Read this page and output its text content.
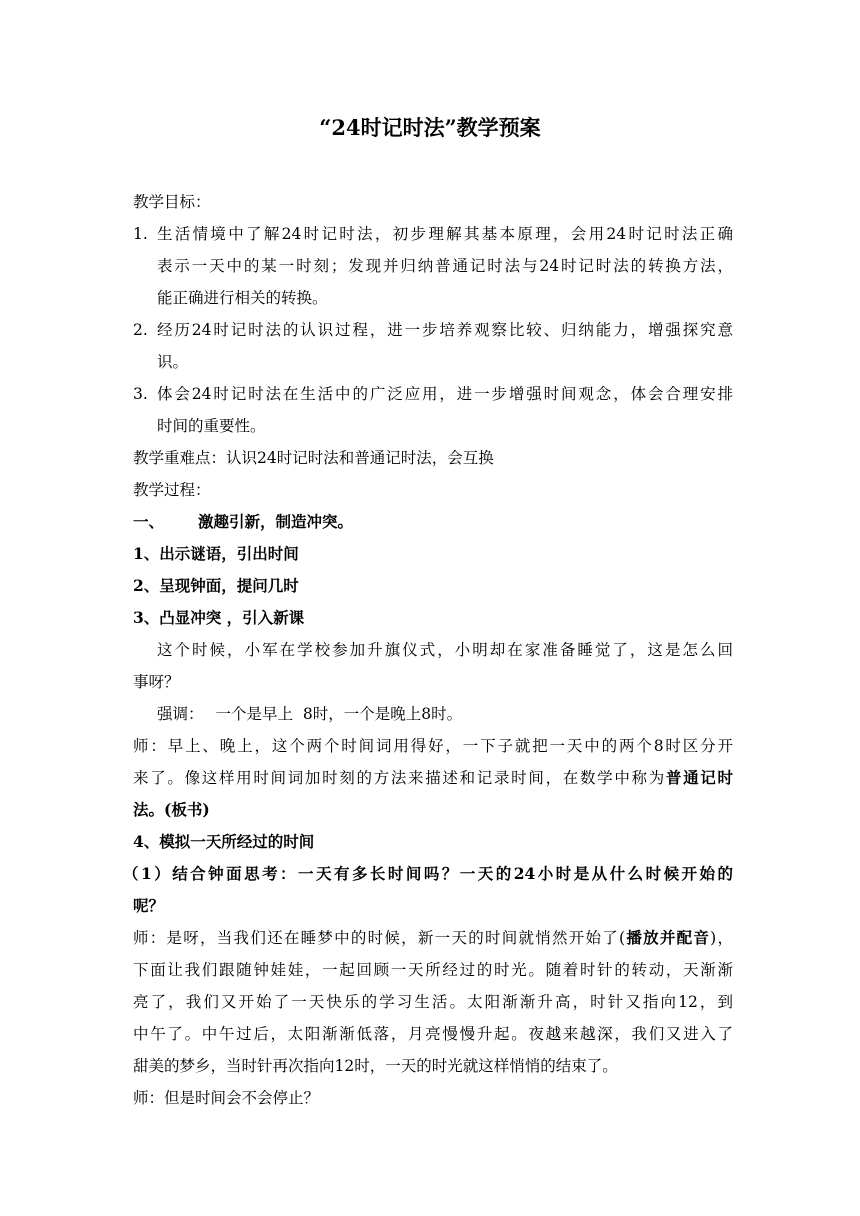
“24时记时法”教学预案
教学目标：
1. 生活情境中了解24时记时法，初步理解其基本原理，会用24时记时法正确
表示一天中的某一时刻；发现并归纳普通记时法与24时记时法的转换方法，
能正确进行相关的转换。
2. 经历24时记时法的认识过程，进一步培养观察比较、归纳能力，增强探究意
识。
3. 体会24时记时法在生活中的广泛应用，进一步增强时间观念，体会合理安排
时间的重要性。
教学重难点：认识24时记时法和普通记时法，会互换
教学过程：
一、 激趣引新，制造冲突。
1、出示谜语，引出时间
2、呈现钟面，提问几时
3、凸显冲突 ，引入新课
这个时候，小军在学校参加升旗仪式，小明却在家准备睡觉了，这是怎么回
事呀？
强调： 一个是早上  8时，一个是晚上8时。
师：早上、晚上，这个两个时间词用得好，一下子就把一天中的两个8时区分开
来了。像这样用时间词加时刻的方法来描述和记录时间，在数学中称为普通记时
法。(板书)
4、模拟一天所经过的时间
（1）结合钟面思考：一天有多长时间吗？一天的24小时是从什么时候开始的
呢？
师：是呀，当我们还在睡梦中的时候，新一天的时间就悄然开始了(播放并配音)，
下面让我们跟随钟娃娃，一起回顾一天所经过的时光。随着时针的转动，天渐渐
亮了，我们又开始了一天快乐的学习生活。太阳渐渐升高，时针又指向12，到
中午了。中午过后，太阳渐渐低落，月亮慢慢升起。夜越来越深，我们又进入了
甜美的梦乡，当时针再次指向12时，一天的时光就这样悄悄的结束了。
师：但是时间会不会停止？
